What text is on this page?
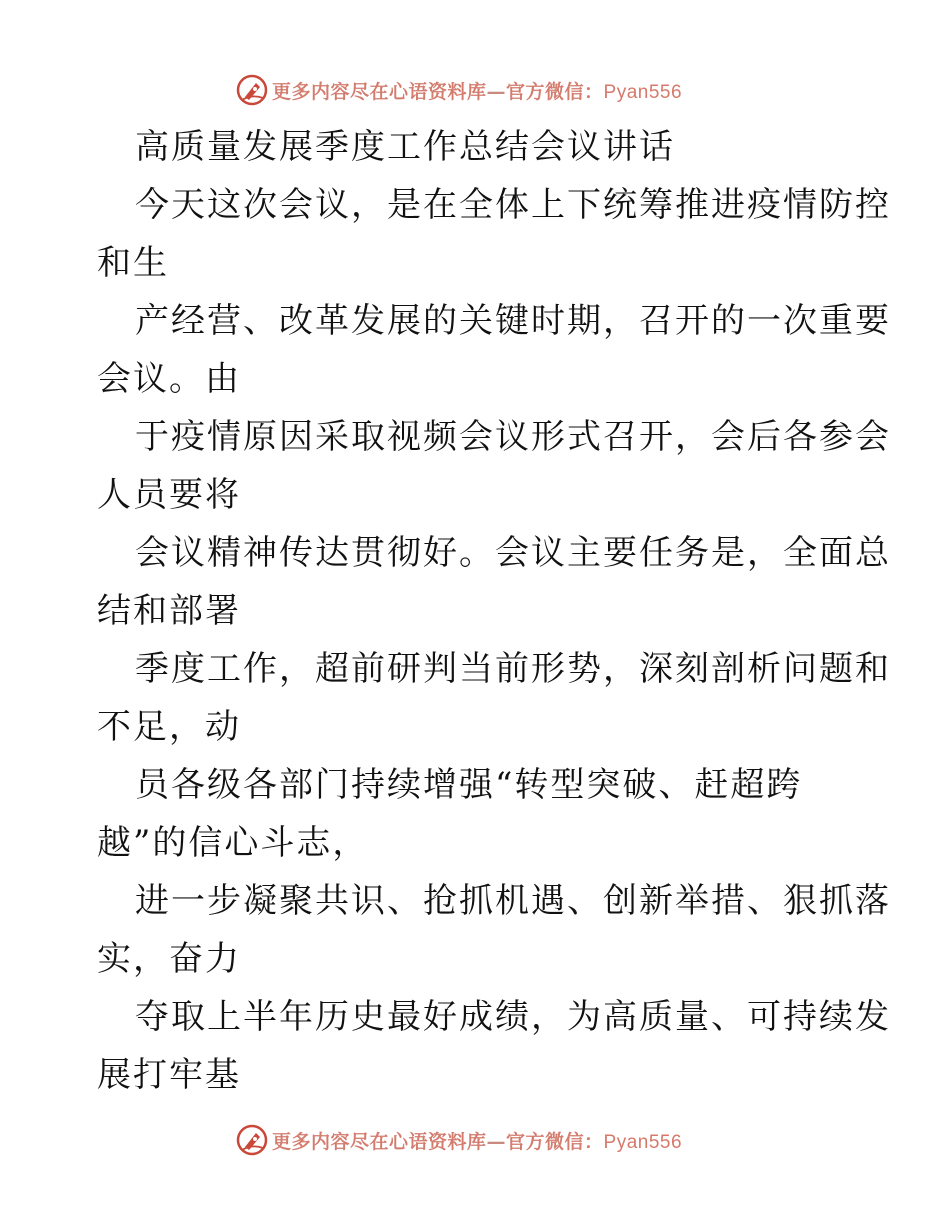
更多内容尽在心语资料库—官方微信：Pyan556
高质量发展季度工作总结会议讲话
今天这次会议，是在全体上下统筹推进疫情防控
和生
产经营、改革发展的关键时期，召开的一次重要
会议。由
于疫情原因采取视频会议形式召开，会后各参会
人员要将
会议精神传达贯彻好。会议主要任务是，全面总
结和部署
季度工作，超前研判当前形势，深刻剖析问题和
不足，动
员各级各部门持续增强“转型突破、赶超跨
越”的信心斗志，
进一步凝聚共识、抢抓机遇、创新举措、狠抓落
实，奋力
夺取上半年历史最好成绩，为高质量、可持续发
展打牢基
更多内容尽在心语资料库—官方微信：Pyan556
